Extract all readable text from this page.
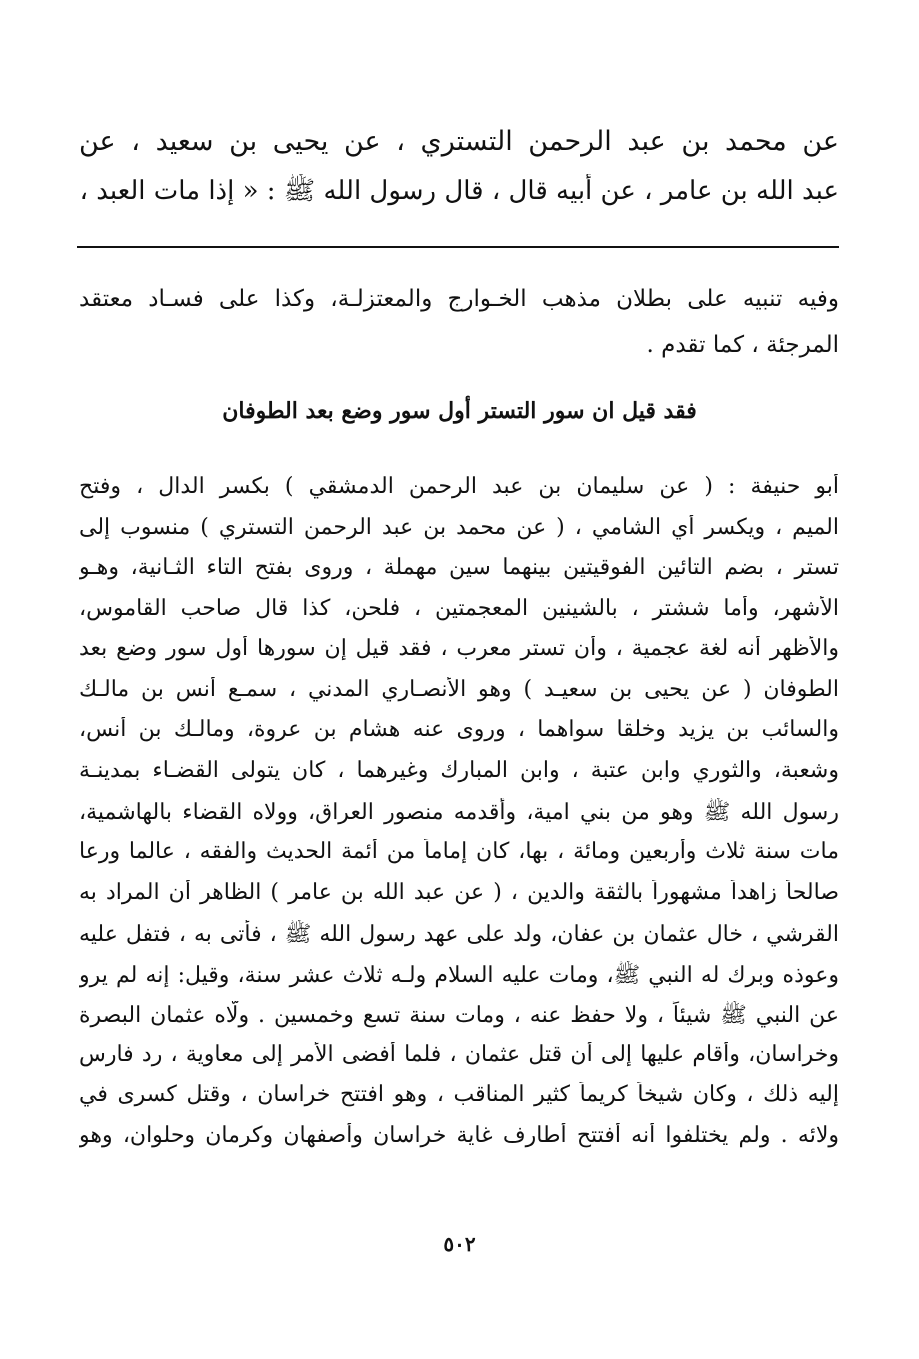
عن محمد بن عبد الرحمن التستري ، عن يحيى بن سعيد ، عن
عبد الله بن عامر ، عن أبيه قال ، قال رسول الله ﷺ : « إذا مات العبد ،
وفيه تنبيه على بطلان مذهب الخـوارج والمعتزلـة، وكذا على فسـاد معتقد
المرجئة ، كما تقدم .
فقد قيل ان سور التستر أول سور وضع بعد الطوفان
أبو حنيفة : ( عن سليمان بن عبد الرحمن الدمشقي ) بكسر الدال ، وفتح
الميم ، ويكسر أي الشامي ، ( عن محمد بن عبد الرحمن التستري ) منسوب إلى
تستر ، بضم التائين الفوقيتين بينهما سين مهملة ، وروى بفتح التاء الثـانية، وهـو
الأشهر، وأما ششتر ، بالشينين المعجمتين ، فلحن، كذا قال صاحب القاموس،
والأظهر أنه لغة عجمية ، وأن تستر معرب ، فقد قيل إن سورها أول سور وضع بعد
الطوفان ( عن يحيى بن سعيـد ) وهو الأنصـاري المدني ، سمـع أنس بن مالـك
والسائب بن يزيد وخلقا سواهما ، وروى عنه هشام بن عروة، ومالـك بن أنس،
وشعبة، والثوري وابن عتبة ، وابن المبارك وغيرهما ، كان يتولى القضـاء بمدينـة
رسول الله ﷺ وهو من بني امية، وأقدمه منصور العراق، وولاه القضاء بالهاشمية،
مات سنة ثلاث وأربعين ومائة ، بها، كان إماماً من أئمة الحديث والفقه ، عالما ورعا
صالحاً زاهداً مشهوراً بالثقة والدين ، ( عن عبد الله بن عامر ) الظاهر أن المراد به
القرشي ، خال عثمان بن عفان، ولد على عهد رسول الله ﷺ ، فأتى به ، فتفل عليه
وعوذه وبرك له النبي ﷺ، ومات عليه السلام ولـه ثلاث عشر سنة، وقيل: إنه لم يرو
عن النبي ﷺ شيئاً ، ولا حفظ عنه ، ومات سنة تسع وخمسين . ولّاه عثمان البصرة
وخراسان، وأقام عليها إلى أن قتل عثمان ، فلما أفضى الأمر إلى معاوية ، رد فارس
إليه ذلك ، وكان شيخاً كريماً كثير المناقب ، وهو افتتح خراسان ، وقتل كسرى في
ولائه . ولم يختلفوا أنه أفتتح أطارف غاية خراسان وأصفهان وكرمان وحلوان، وهو
٥٠٢
